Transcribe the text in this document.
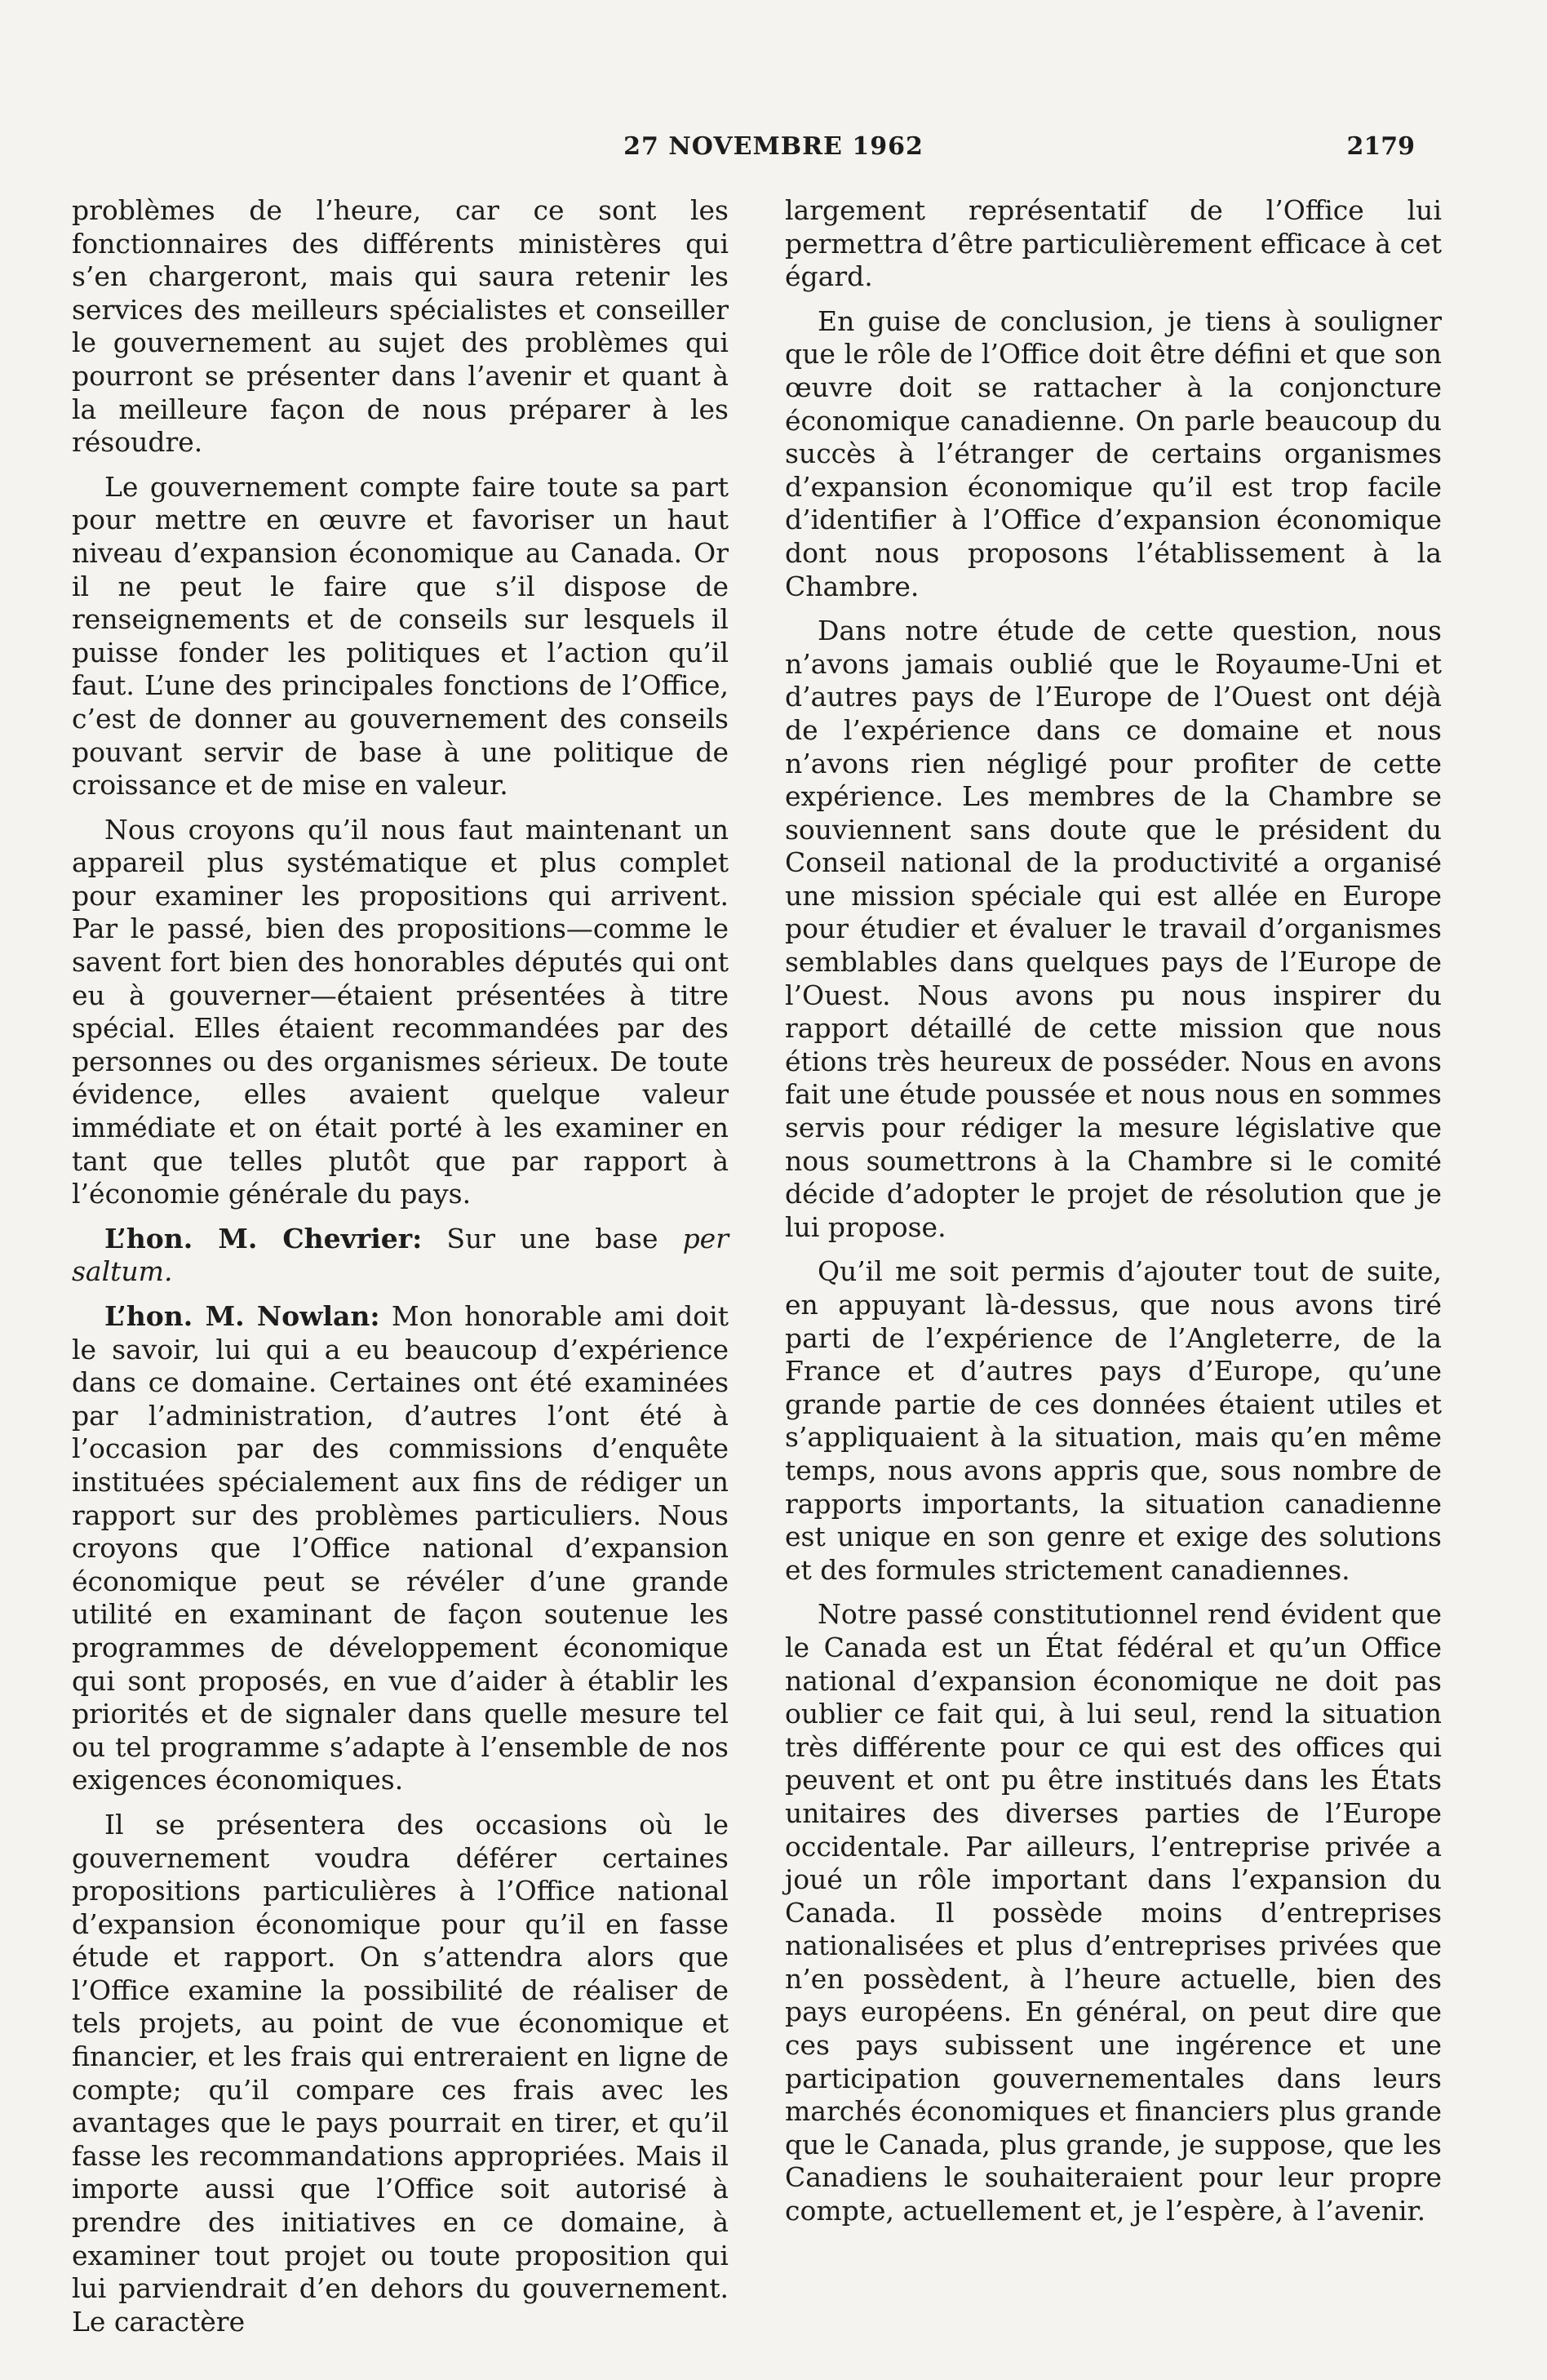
27 NOVEMBRE 1962	2179

problèmes de l’heure, car ce sont les fonctionnaires des différents ministères qui s’en chargeront, mais qui saura retenir les services des meilleurs spécialistes et conseiller le gouvernement au sujet des problèmes qui pourront se présenter dans l’avenir et quant à la meilleure façon de nous préparer à les résoudre.

Le gouvernement compte faire toute sa part pour mettre en œuvre et favoriser un haut niveau d’expansion économique au Canada. Or il ne peut le faire que s’il dispose de renseignements et de conseils sur lesquels il puisse fonder les politiques et l’action qu’il faut. L’une des principales fonctions de l’Office, c’est de donner au gouvernement des conseils pouvant servir de base à une politique de croissance et de mise en valeur.

Nous croyons qu’il nous faut maintenant un appareil plus systématique et plus complet pour examiner les propositions qui arrivent. Par le passé, bien des propositions—comme le savent fort bien des honorables députés qui ont eu à gouverner—étaient présentées à titre spécial. Elles étaient recommandées par des personnes ou des organismes sérieux. De toute évidence, elles avaient quelque valeur immédiate et on était porté à les examiner en tant que telles plutôt que par rapport à l’économie générale du pays.

L’hon. M. Chevrier: Sur une base per saltum.

L’hon. M. Nowlan: Mon honorable ami doit le savoir, lui qui a eu beaucoup d’expérience dans ce domaine. Certaines ont été examinées par l’administration, d’autres l’ont été à l’occasion par des commissions d’enquête instituées spécialement aux fins de rédiger un rapport sur des problèmes particuliers. Nous croyons que l’Office national d’expansion économique peut se révéler d’une grande utilité en examinant de façon soutenue les programmes de développement économique qui sont proposés, en vue d’aider à établir les priorités et de signaler dans quelle mesure tel ou tel programme s’adapte à l’ensemble de nos exigences économiques.

Il se présentera des occasions où le gouvernement voudra déférer certaines propositions particulières à l’Office national d’expansion économique pour qu’il en fasse étude et rapport. On s’attendra alors que l’Office examine la possibilité de réaliser de tels projets, au point de vue économique et financier, et les frais qui entreraient en ligne de compte; qu’il compare ces frais avec les avantages que le pays pourrait en tirer, et qu’il fasse les recommandations appropriées. Mais il importe aussi que l’Office soit autorisé à prendre des initiatives en ce domaine, à examiner tout projet ou toute proposition qui lui parviendrait d’en dehors du gouvernement. Le caractère

largement représentatif de l’Office lui permettra d’être particulièrement efficace à cet égard.

En guise de conclusion, je tiens à souligner que le rôle de l’Office doit être défini et que son œuvre doit se rattacher à la conjoncture économique canadienne. On parle beaucoup du succès à l’étranger de certains organismes d’expansion économique qu’il est trop facile d’identifier à l’Office d’expansion économique dont nous proposons l’établissement à la Chambre.

Dans notre étude de cette question, nous n’avons jamais oublié que le Royaume-Uni et d’autres pays de l’Europe de l’Ouest ont déjà de l’expérience dans ce domaine et nous n’avons rien négligé pour profiter de cette expérience. Les membres de la Chambre se souviennent sans doute que le président du Conseil national de la productivité a organisé une mission spéciale qui est allée en Europe pour étudier et évaluer le travail d’organismes semblables dans quelques pays de l’Europe de l’Ouest. Nous avons pu nous inspirer du rapport détaillé de cette mission que nous étions très heureux de posséder. Nous en avons fait une étude poussée et nous nous en sommes servis pour rédiger la mesure législative que nous soumettrons à la Chambre si le comité décide d’adopter le projet de résolution que je lui propose.

Qu’il me soit permis d’ajouter tout de suite, en appuyant là-dessus, que nous avons tiré parti de l’expérience de l’Angleterre, de la France et d’autres pays d’Europe, qu’une grande partie de ces données étaient utiles et s’appliquaient à la situation, mais qu’en même temps, nous avons appris que, sous nombre de rapports importants, la situation canadienne est unique en son genre et exige des solutions et des formules strictement canadiennes.

Notre passé constitutionnel rend évident que le Canada est un État fédéral et qu’un Office national d’expansion économique ne doit pas oublier ce fait qui, à lui seul, rend la situation très différente pour ce qui est des offices qui peuvent et ont pu être institués dans les États unitaires des diverses parties de l’Europe occidentale. Par ailleurs, l’entreprise privée a joué un rôle important dans l’expansion du Canada. Il possède moins d’entreprises nationalisées et plus d’entreprises privées que n’en possèdent, à l’heure actuelle, bien des pays européens. En général, on peut dire que ces pays subissent une ingérence et une participation gouvernementales dans leurs marchés économiques et financiers plus grande que le Canada, plus grande, je suppose, que les Canadiens le souhaiteraient pour leur propre compte, actuellement et, je l’espère, à l’avenir.
